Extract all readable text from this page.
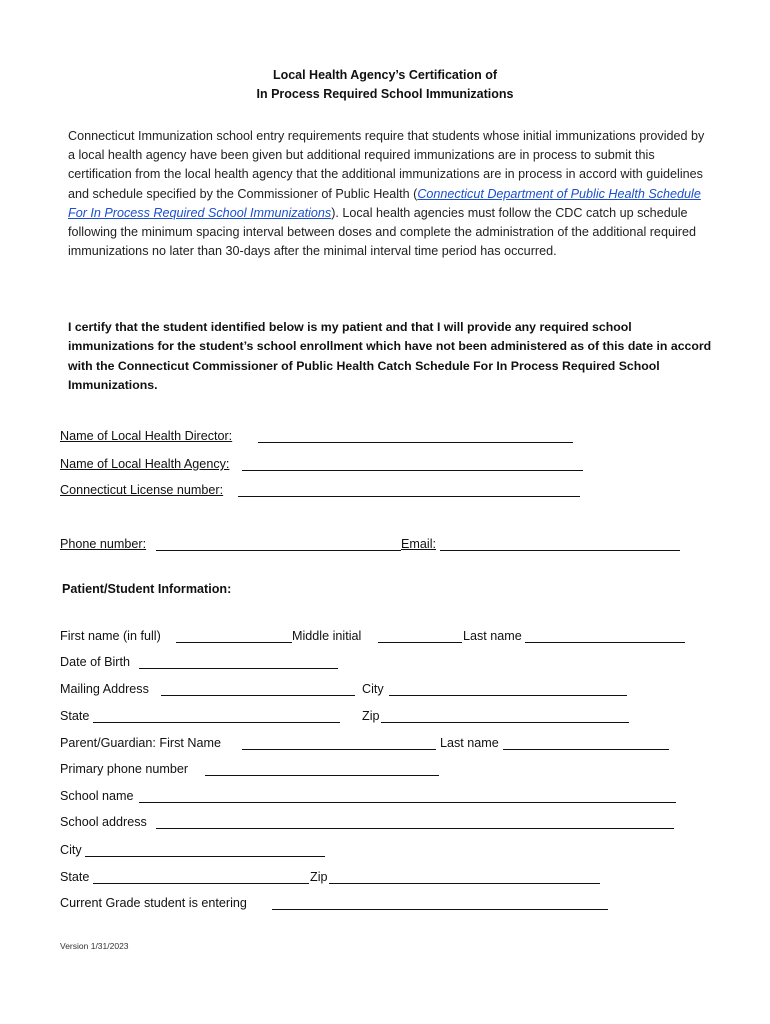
Local Health Agency’s Certification of
In Process Required School Immunizations
Connecticut Immunization school entry requirements require that students whose initial immunizations provided by a local health agency have been given but additional required immunizations are in process to submit this certification from the local health agency that the additional immunizations are in process in accord with guidelines and schedule specified by the Commissioner of Public Health (Connecticut Department of Public Health Schedule For In Process Required School Immunizations). Local health agencies must follow the CDC catch up schedule following the minimum spacing interval between doses and complete the administration of the additional required immunizations no later than 30-days after the minimal interval time period has occurred.
I certify that the student identified below is my patient and that I will provide any required school immunizations for the student’s school enrollment which have not been administered as of this date in accord with the Connecticut Commissioner of Public Health Catch Schedule For In Process Required School Immunizations.
Name of Local Health Director:
Name of Local Health Agency:
Connecticut License number:
Phone number:	Email:
Patient/Student Information:
First name (in full)	Middle initial	Last name
Date of Birth
Mailing Address	City
State	Zip
Parent/Guardian: First Name	Last name
Primary phone number
School name
School address
City
State	Zip
Current Grade student is entering
Version 1/31/2023
